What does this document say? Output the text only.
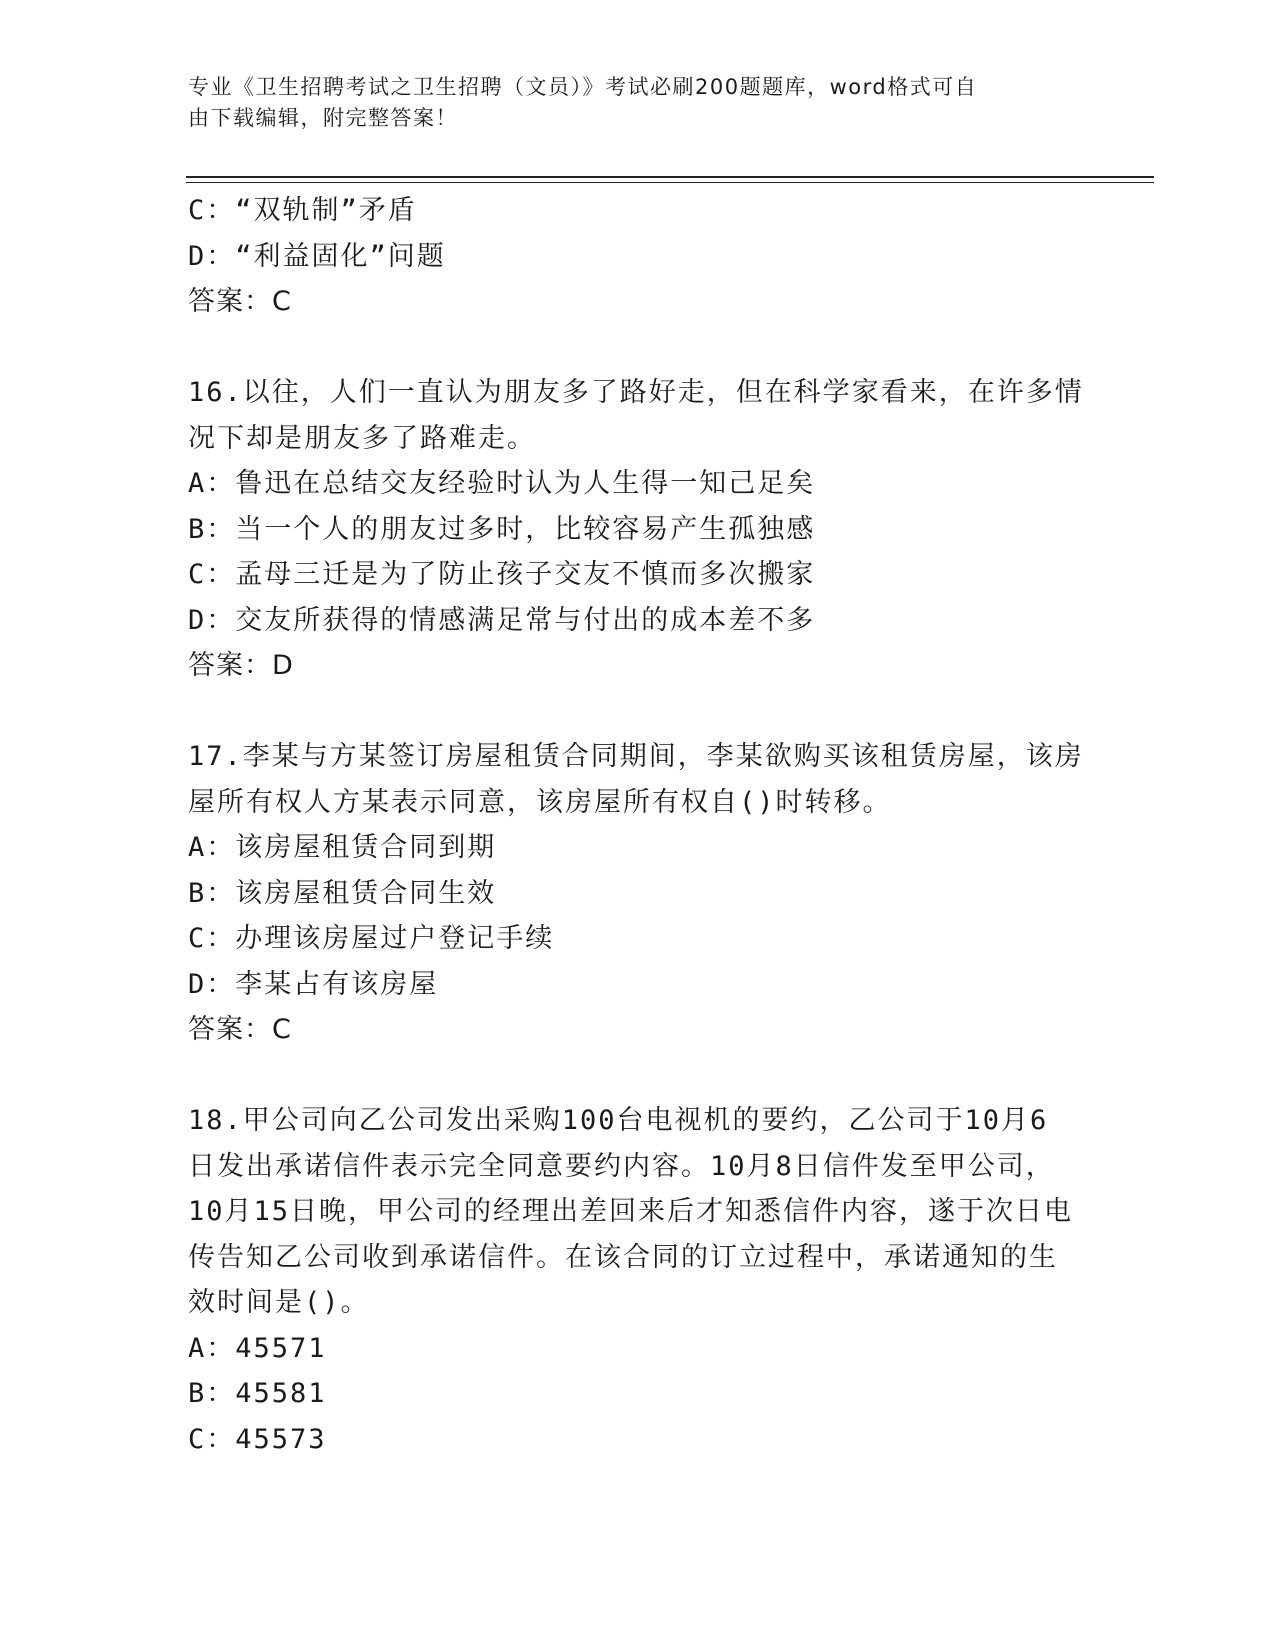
专业《卫生招聘考试之卫生招聘（文员）》考试必刷200题题库，word格式可自
由下载编辑，附完整答案！
C：“双轨制”矛盾
D：“利益固化”问题
答案：C
16.以往，人们一直认为朋友多了路好走，但在科学家看来，在许多情
况下却是朋友多了路难走。
A：鲁迅在总结交友经验时认为人生得一知己足矣
B：当一个人的朋友过多时，比较容易产生孤独感
C：孟母三迁是为了防止孩子交友不慎而多次搬家
D：交友所获得的情感满足常与付出的成本差不多
答案：D
17.李某与方某签订房屋租赁合同期间，李某欲购买该租赁房屋，该房
屋所有权人方某表示同意，该房屋所有权自()时转移。
A：该房屋租赁合同到期
B：该房屋租赁合同生效
C：办理该房屋过户登记手续
D：李某占有该房屋
答案：C
18.甲公司向乙公司发出采购100台电视机的要约，乙公司于10月6
日发出承诺信件表示完全同意要约内容。10月8日信件发至甲公司，
10月15日晚，甲公司的经理出差回来后才知悉信件内容，遂于次日电
传告知乙公司收到承诺信件。在该合同的订立过程中，承诺通知的生
效时间是()。
A：45571
B：45581
C：45573
